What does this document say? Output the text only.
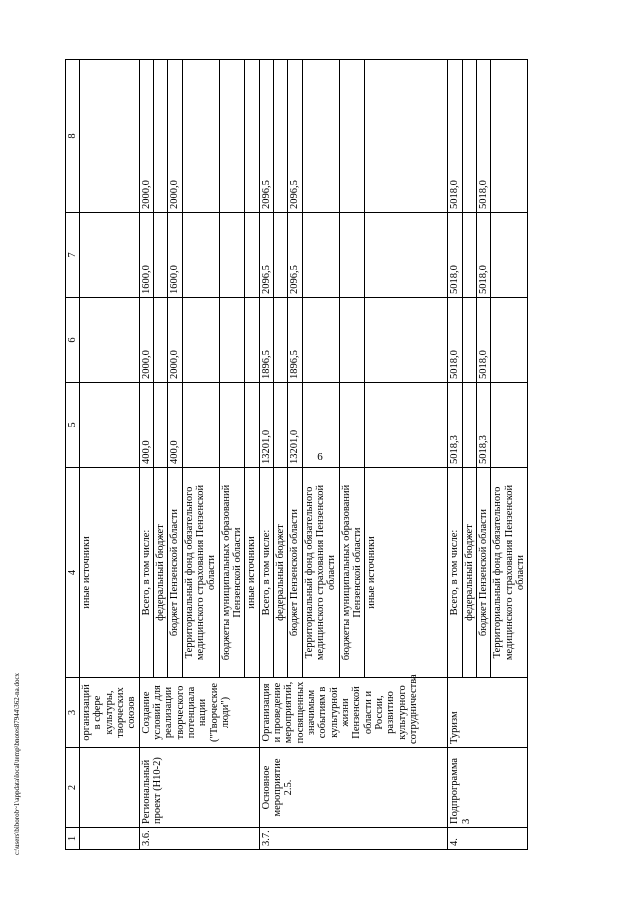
6
c:\users\biborob~1\appdata\local\temp\bnotes87944\362-na.docx	1	2	3	4	5	6	7	8
		организаций в сфере культуры, творческих союзов	иные источники				
3.6.	Региональный проект (Н10-2)	Создание условий для реализации творческого потенциала нации ("Творческие люди")	Всего, в том числе:	400,0	2000,0	1600,0	2000,0
			федеральный бюджет				
			бюджет Пензенской области	400,0	2000,0	1600,0	2000,0
			Территориальный фонд обязательного медицинского страхования Пензенской области				
			бюджеты муниципальных образований Пензенской области				
			иные источники				
3.7.	Основное мероприятие 2.5.	Организация и проведение мероприятий, посвященных значимым событиям в культурной жизни Пензенской области и России, развитию культурного сотрудничества	Всего, в том числе:	13201,0	1896,5	2096,5	2096,5
			федеральный бюджет				
			бюджет Пензенской области	13201,0	1896,5	2096,5	2096,5
			Территориальный фонд обязательного медицинского страхования Пензенской области				
			бюджеты муниципальных образований Пензенской области				
			иные источники				
4.	Подпрограмма 3	Туризм	Всего, в том числе:	5018,3	5018,0	5018,0	5018,0
			федеральный бюджет				
			бюджет Пензенской области	5018,3	5018,0	5018,0	5018,0
			Территориальный фонд обязательного медицинского страхования Пензенской области				
